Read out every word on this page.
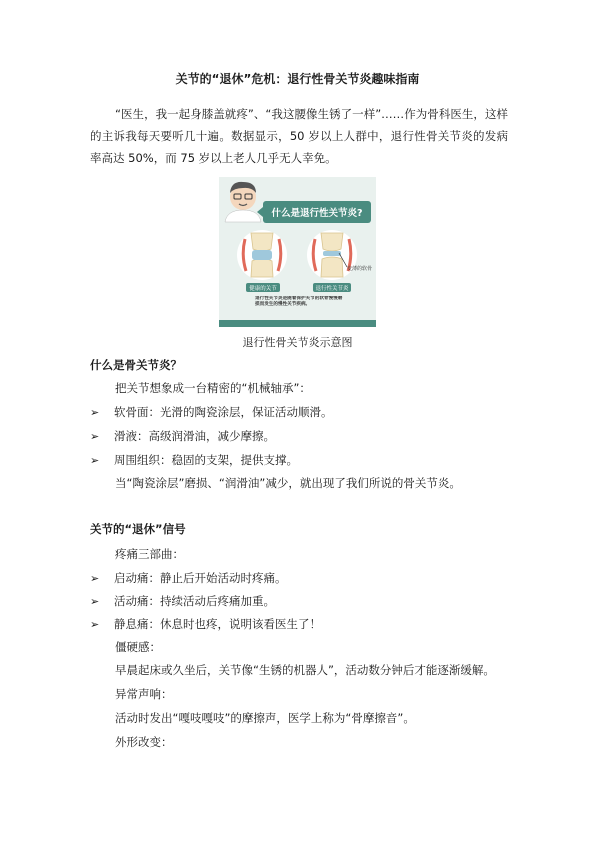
关节的“退休”危机：退行性骨关节炎趣味指南
“医生，我一起身膝盖就疼”、“我这腰像生锈了一样”……作为骨科医生，这样的主诉我每天要听几十遍。数据显示，50 岁以上人群中，退行性骨关节炎的发病率高达 50%，而 75 岁以上老人几乎无人幸免。
什么是退行性关节炎?
变薄的软骨
健康的关节	退行性关节炎
退行性关节炎是随着保护关节的软骨慢慢磨损而发生的慢性关节疾病。
退行性骨关节炎示意图
什么是骨关节炎？
把关节想象成一台精密的“机械轴承”：
➢ 软骨面：光滑的陶瓷涂层，保证活动顺滑。
➢ 滑液：高级润滑油，减少摩擦。
➢ 周围组织：稳固的支架，提供支撑。
当“陶瓷涂层”磨损、“润滑油”减少，就出现了我们所说的骨关节炎。
关节的“退休”信号
疼痛三部曲：
➢ 启动痛：静止后开始活动时疼痛。
➢ 活动痛：持续活动后疼痛加重。
➢ 静息痛：休息时也疼，说明该看医生了！
僵硬感：
早晨起床或久坐后，关节像“生锈的机器人”，活动数分钟后才能逐渐缓解。
异常声响：
活动时发出“嘎吱嘎吱”的摩擦声，医学上称为“骨摩擦音”。
外形改变：
